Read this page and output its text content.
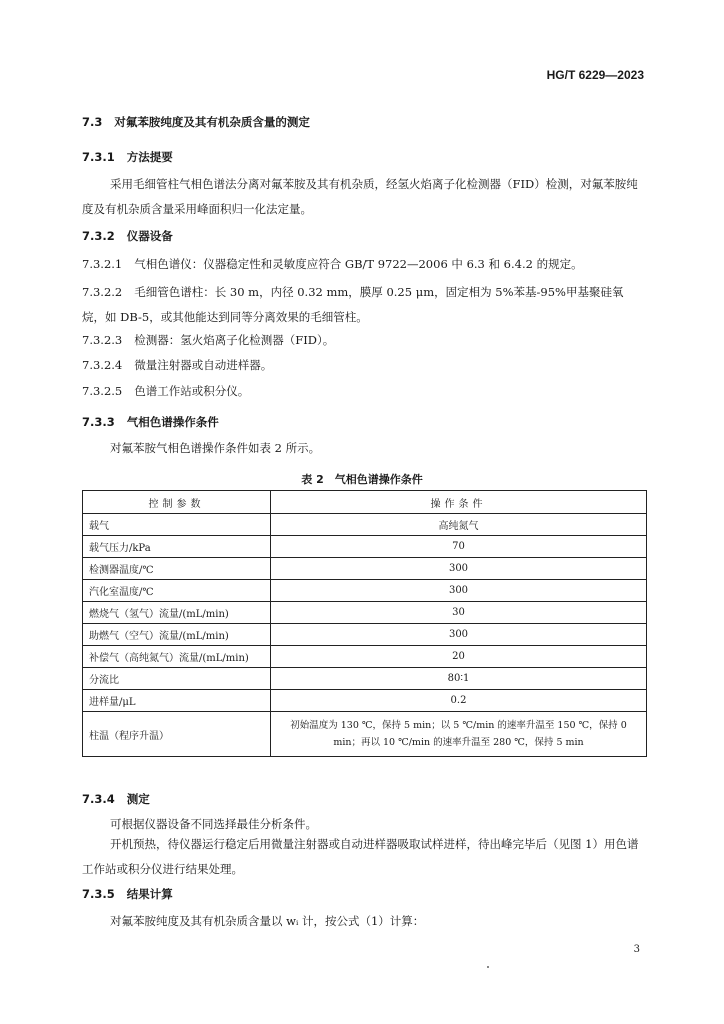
HG/T 6229—2023
7.3 对氟苯胺纯度及其有机杂质含量的测定
7.3.1 方法提要
采用毛细管柱气相色谱法分离对氟苯胺及其有机杂质，经氢火焰离子化检测器（FID）检测，对氟苯胺纯度及有机杂质含量采用峰面积归一化法定量。
7.3.2 仪器设备
7.3.2.1 气相色谱仪：仪器稳定性和灵敏度应符合 GB/T 9722—2006 中 6.3 和 6.4.2 的规定。
7.3.2.2 毛细管色谱柱：长 30 m，内径 0.32 mm，膜厚 0.25 μm，固定相为 5%苯基-95%甲基聚硅氧烷，如 DB-5，或其他能达到同等分离效果的毛细管柱。
7.3.2.3 检测器：氢火焰离子化检测器（FID）。
7.3.2.4 微量注射器或自动进样器。
7.3.2.5 色谱工作站或积分仪。
7.3.3 气相色谱操作条件
对氟苯胺气相色谱操作条件如表 2 所示。
表 2　气相色谱操作条件
控制参数	操作条件
载气	高纯氮气
载气压力/kPa	70
检测器温度/℃	300
汽化室温度/℃	300
燃烧气（氢气）流量/(mL/min)	30
助燃气（空气）流量/(mL/min)	300
补偿气（高纯氮气）流量/(mL/min)	20
分流比	80∶1
进样量/μL	0.2
柱温（程序升温）	初始温度为 130 ℃，保持 5 min；以 5 ℃/min 的速率升温至 150 ℃，保持 0 min；再以 10 ℃/min 的速率升温至 280 ℃，保持 5 min
7.3.4 测定
可根据仪器设备不同选择最佳分析条件。
开机预热，待仪器运行稳定后用微量注射器或自动进样器吸取试样进样，待出峰完毕后（见图 1）用色谱工作站或积分仪进行结果处理。
7.3.5 结果计算
对氟苯胺纯度及其有机杂质含量以 wᵢ 计，按公式（1）计算：
3
